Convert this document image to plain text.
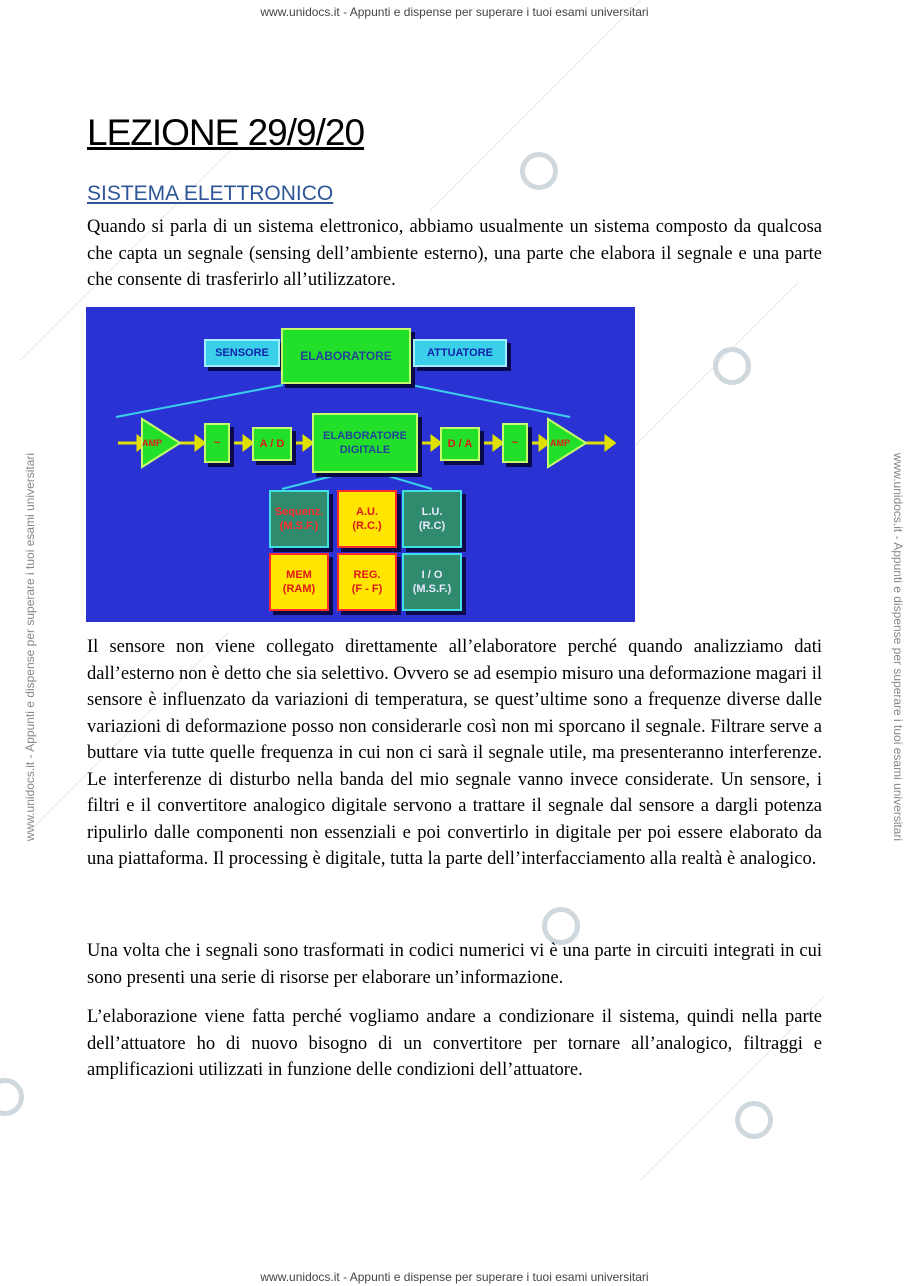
www.unidocs.it - Appunti e dispense per superare i tuoi esami universitari
www.unidocs.it - Appunti e dispense per superare i tuoi esami universitari
www.unidocs.it - Appunti e dispense per superare i tuoi esami universitari	www.unidocs.it - Appunti e dispense per superare i tuoi esami universitari
LEZIONE 29/9/20
SISTEMA ELETTRONICO

Quando si parla di un sistema elettronico, abbiamo usualmente un sistema composto da qualcosa che capta un segnale (sensing dell’ambiente esterno), una parte che elabora il segnale e una parte che consente di trasferirlo all’utilizzatore.

SENSORE	ELABORATORE	ATTUATORE
AMP	~	A / D
ELABORATORE
DIGITALE	D / A	~	AMP
Sequenz.
(M.S.F.)
A.U.
(R.C.)
L.U.
(R.C)
MEM
(RAM)
REG.
(F - F)
I / O
(M.S.F.)

Il sensore non viene collegato direttamente all’elaboratore perché quando analizziamo dati dall’esterno non è detto che sia selettivo. Ovvero se ad esempio misuro una deformazione magari il sensore è influenzato da variazioni di temperatura, se quest’ultime sono a frequenze diverse dalle variazioni di deformazione posso non considerarle così non mi sporcano il segnale. Filtrare serve a buttare via tutte quelle frequenza in cui non ci sarà il segnale utile, ma presenteranno interferenze. Le interferenze di disturbo nella banda del mio segnale vanno invece considerate. Un sensore, i filtri e il convertitore analogico digitale servono a trattare il segnale dal sensore a dargli potenza ripulirlo dalle componenti non essenziali e poi convertirlo in digitale per poi essere elaborato da una piattaforma. Il processing è digitale, tutta la parte dell’interfacciamento alla realtà è analogico.

Una volta che i segnali sono trasformati in codici numerici vi è una parte in circuiti integrati in cui sono presenti una serie di risorse per elaborare un’informazione.

L’elaborazione viene fatta perché vogliamo andare a condizionare il sistema, quindi nella parte dell’attuatore ho di nuovo bisogno di un convertitore per tornare all’analogico, filtraggi e amplificazioni utilizzati in funzione delle condizioni dell’attuatore.
